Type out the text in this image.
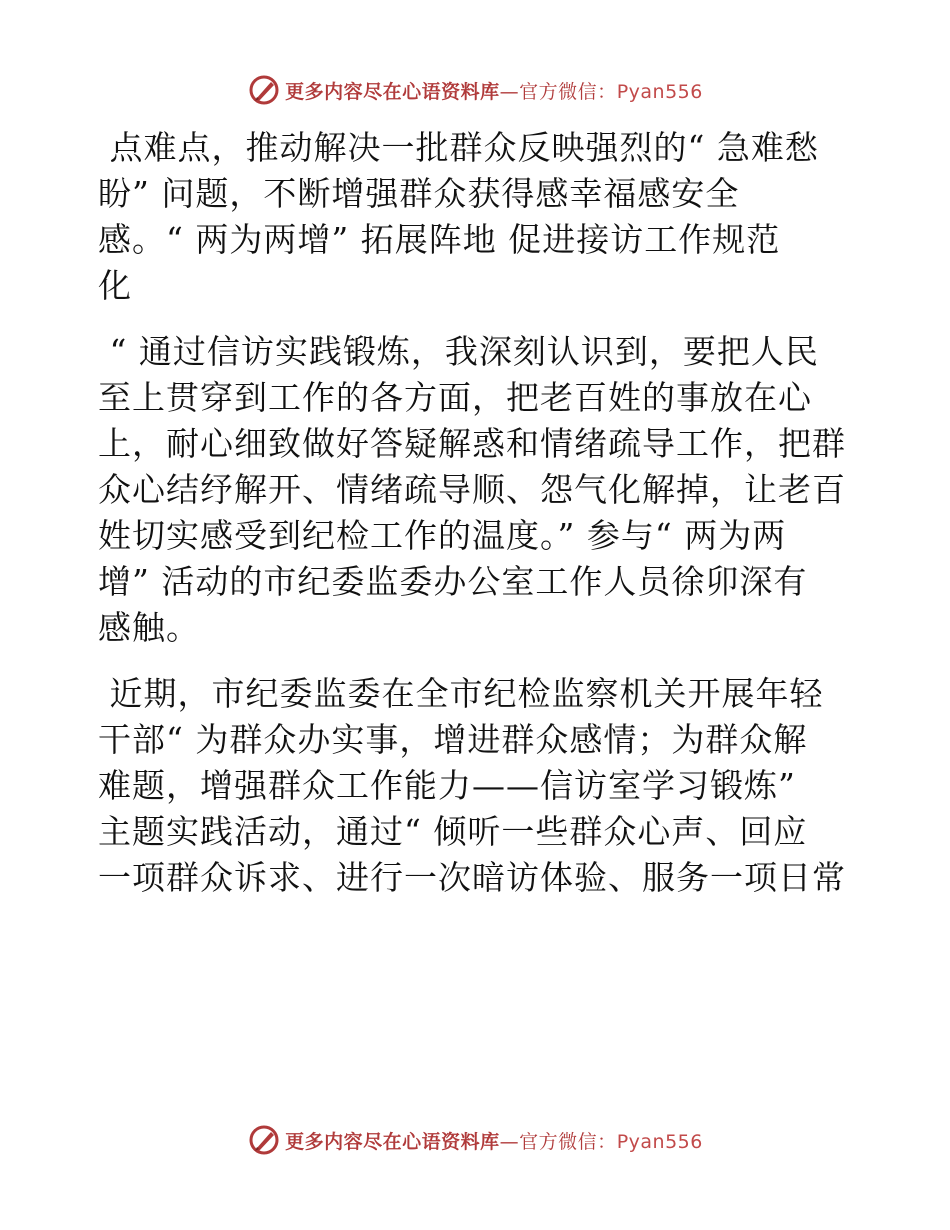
更多内容尽在心语资料库—官方微信：Pyan556
点难点，推动解决一批群众反映强烈的“ 急难愁
盼” 问题，不断增强群众获得感幸福感安全
感。“ 两为两增” 拓展阵地 促进接访工作规范
化
“ 通过信访实践锻炼，我深刻认识到，要把人民
至上贯穿到工作的各方面，把老百姓的事放在心
上，耐心细致做好答疑解惑和情绪疏导工作，把群
众心结纾解开、情绪疏导顺、怨气化解掉，让老百
姓切实感受到纪检工作的温度。” 参与“ 两为两
增” 活动的市纪委监委办公室工作人员徐卯深有
感触。
近期，市纪委监委在全市纪检监察机关开展年轻
干部“ 为群众办实事，增进群众感情；为群众解
难题，增强群众工作能力——信访室学习锻炼”
主题实践活动，通过“ 倾听一些群众心声、回应
一项群众诉求、进行一次暗访体验、服务一项日常
更多内容尽在心语资料库—官方微信：Pyan556
